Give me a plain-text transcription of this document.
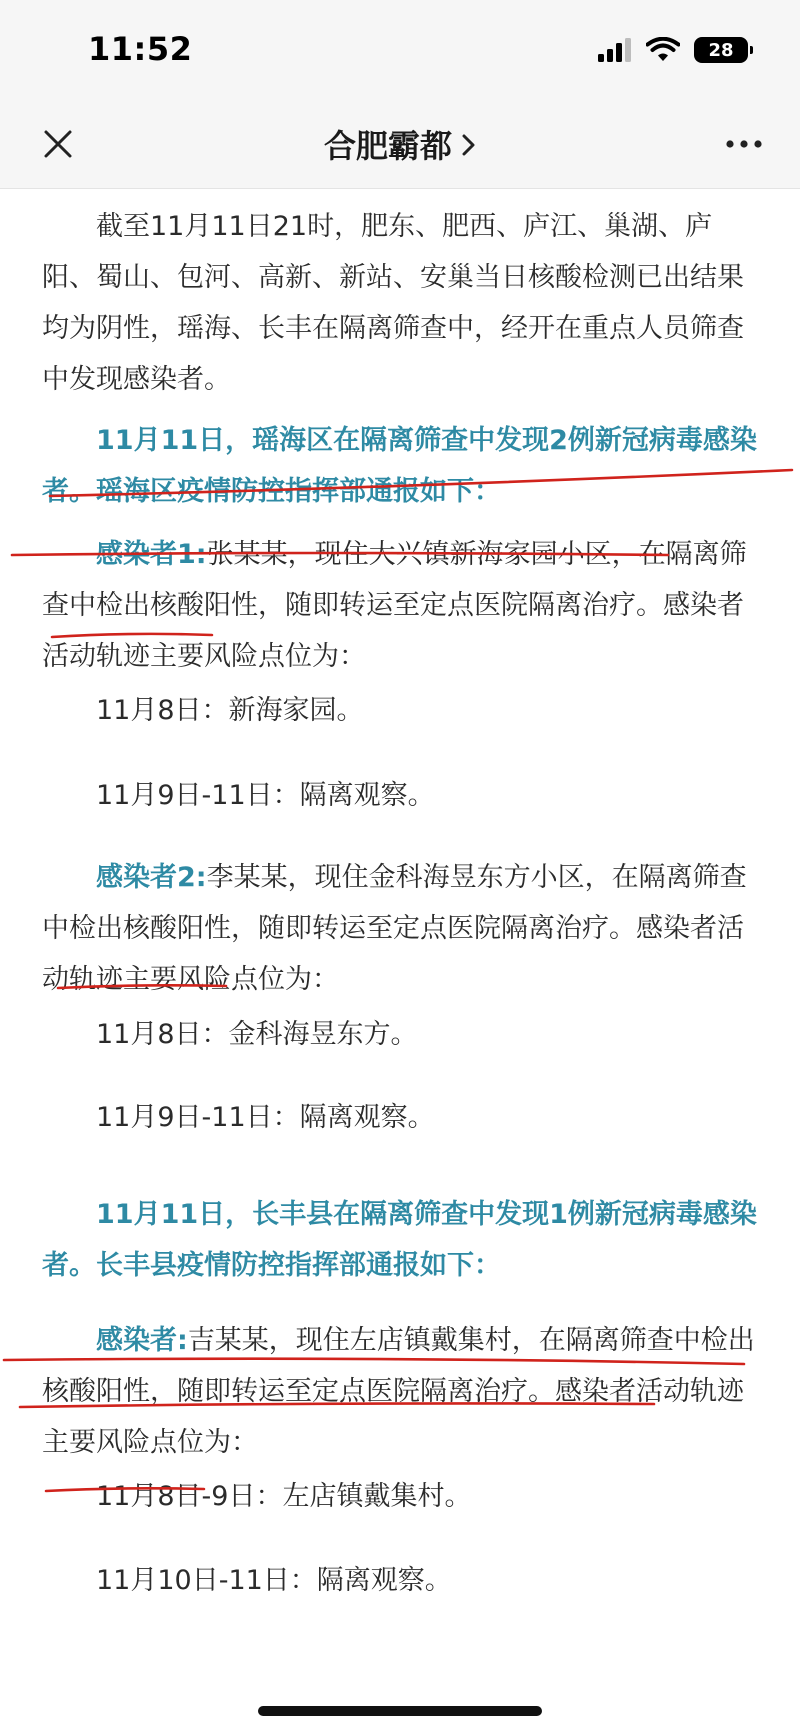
11:52	28
合肥霸都

截至11月11日21时，肥东、肥西、庐江、巢湖、庐阳、蜀山、包河、高新、新站、安巢当日核酸检测已出结果均为阴性，瑶海、长丰在隔离筛查中，经开在重点人员筛查中发现感染者。

11月11日，瑶海区在隔离筛查中发现2例新冠病毒感染者。瑶海区疫情防控指挥部通报如下：

感染者1:张某某，现住大兴镇新海家园小区，在隔离筛查中检出核酸阳性，随即转运至定点医院隔离治疗。感染者活动轨迹主要风险点位为：

11月8日：新海家园。

11月9日-11日：隔离观察。

感染者2:李某某，现住金科海昱东方小区，在隔离筛查中检出核酸阳性，随即转运至定点医院隔离治疗。感染者活动轨迹主要风险点位为：

11月8日：金科海昱东方。

11月9日-11日：隔离观察。

11月11日，长丰县在隔离筛查中发现1例新冠病毒感染者。长丰县疫情防控指挥部通报如下：

感染者:吉某某，现住左店镇戴集村，在隔离筛查中检出核酸阳性，随即转运至定点医院隔离治疗。感染者活动轨迹主要风险点位为：

11月8日-9日：左店镇戴集村。

11月10日-11日：隔离观察。
